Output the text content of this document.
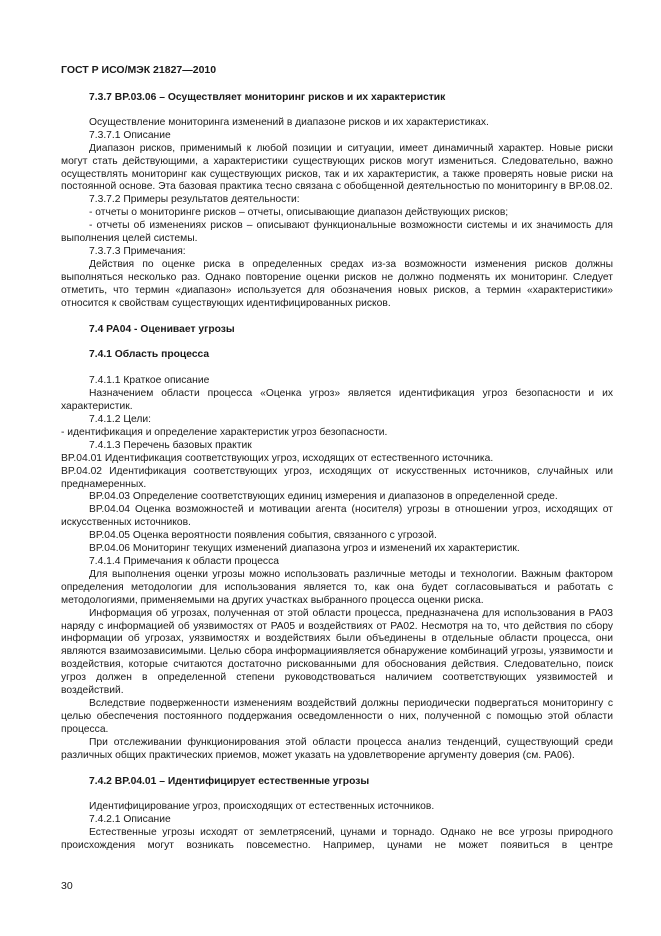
ГОСТ Р ИСО/МЭК 21827—2010

7.3.7 BP.03.06 – Осуществляет мониторинг рисков и их характеристик

Осуществление мониторинга изменений в диапазоне рисков и их характеристиках.

7.3.7.1 Описание

Диапазон рисков, применимый к любой позиции и ситуации, имеет динамичный характер. Новые риски могут стать действующими, а характеристики существующих рисков могут измениться. Следовательно, важно осуществлять мониторинг как существующих рисков, так и их характеристик, а также проверять новые риски на постоянной основе. Эта базовая практика тесно связана с обобщенной деятельностью по мониторингу в BP.08.02.

7.3.7.2 Примеры результатов деятельности:

- отчеты о мониторинге рисков – отчеты, описывающие диапазон действующих рисков;

- отчеты об изменениях рисков – описывают функциональные возможности системы и их значимость для выполнения целей системы.

7.3.7.3 Примечания:

Действия по оценке риска в определенных средах из-за возможности изменения рисков должны выполняться несколько раз. Однако повторение оценки рисков не должно подменять их мониторинг. Следует отметить, что термин «диапазон» используется для обозначения новых рисков, а термин «характеристики» относится к свойствам существующих идентифицированных рисков.

7.4 PA04 - Оценивает угрозы

7.4.1 Область процесса

7.4.1.1 Краткое описание

Назначением области процесса «Оценка угроз» является идентификация угроз безопасности и их характеристик.

7.4.1.2 Цели:

- идентификация и определение характеристик угроз безопасности.

7.4.1.3 Перечень базовых практик

BP.04.01 Идентификация соответствующих угроз, исходящих от естественного источника.

BP.04.02 Идентификация соответствующих угроз, исходящих от искусственных источников, случайных или преднамеренных.

BP.04.03 Определение соответствующих единиц измерения и диапазонов в определенной среде.

BP.04.04 Оценка возможностей и мотивации агента (носителя) угрозы в отношении угроз, исходящих от искусственных источников.

BP.04.05 Оценка вероятности появления события, связанного с угрозой.

BP.04.06 Мониторинг текущих изменений диапазона угроз и изменений их характеристик.

7.4.1.4 Примечания к области процесса

Для выполнения оценки угрозы можно использовать различные методы и технологии. Важным фактором определения методологии для использования является то, как она будет согласовываться и работать с методологиями, применяемыми на других участках выбранного процесса оценки риска.

Информация об угрозах, полученная от этой области процесса, предназначена для использования в PA03 наряду с информацией об уязвимостях от PA05 и воздействиях от PA02. Несмотря на то, что действия по сбору информации об угрозах, уязвимостях и воздействиях были объединены в отдельные области процесса, они являются взаимозависимыми. Целью сбора информацииявляется обнаружение комбинаций угрозы, уязвимости и воздействия, которые считаются достаточно рискованными для обоснования действия. Следовательно, поиск угроз должен в определенной степени руководствоваться наличием соответствующих уязвимостей и воздействий.

Вследствие подверженности изменениям воздействий должны периодически подвергаться мониторингу с целью обеспечения постоянного поддержания осведомленности о них, полученной с помощью этой области процесса.

При отслеживании функционирования этой области процесса анализ тенденций, существующий среди различных общих практических приемов, может указать на удовлетворение аргументу доверия (см. PA06).

7.4.2 BP.04.01 – Идентифицирует естественные угрозы

Идентифицирование угроз, происходящих от естественных источников.

7.4.2.1 Описание

Естественные угрозы исходят от землетрясений, цунами и торнадо. Однако не все угрозы природного происхождения могут возникать повсеместно. Например, цунами не может появиться в центре

30
